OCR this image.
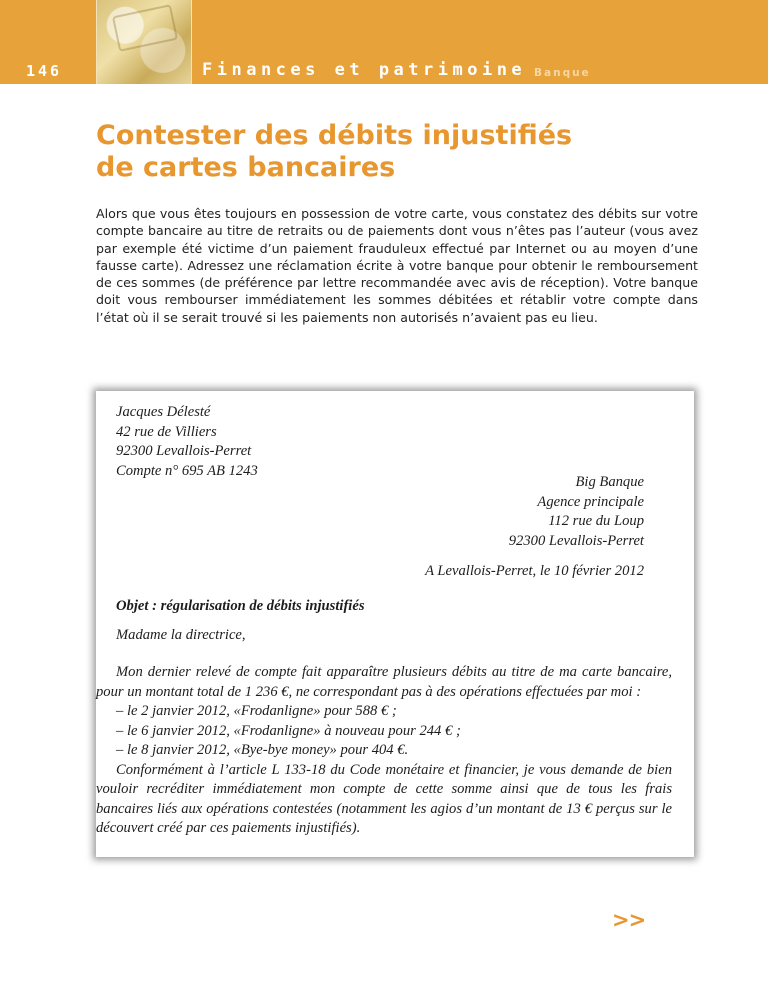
146	Finances et patrimoine Banque
Contester des débits injustifiés
de cartes bancaires

Alors que vous êtes toujours en possession de votre carte, vous constatez des débits sur votre compte bancaire au titre de retraits ou de paiements dont vous n’êtes pas l’auteur (vous avez par exemple été victime d’un paiement frauduleux effectué par Internet ou au moyen d’une fausse carte). Adressez une réclamation écrite à votre banque pour obtenir le remboursement de ces sommes (de préférence par lettre recommandée avec avis de réception). Votre banque doit vous rembourser immédiatement les sommes débitées et rétablir votre compte dans l’état où il se serait trouvé si les paiements non autorisés n’avaient pas eu lieu.

Jacques Délesté
42 rue de Villiers
92300 Levallois-Perret
Compte n° 695 AB 1243
Big Banque
Agence principale
112 rue du Loup
92300 Levallois-Perret
A Levallois-Perret, le 10 février 2012
Objet : régularisation de débits injustifiés
Madame la directrice,

Mon dernier relevé de compte fait apparaître plusieurs débits au titre de ma carte bancaire, pour un montant total de 1 236 €, ne correspondant pas à des opérations effectuées par moi :

– le 2 janvier 2012, «Frodanligne» pour 588 € ;

– le 6 janvier 2012, «Frodanligne» à nouveau pour 244 € ;

– le 8 janvier 2012, «Bye-bye money» pour 404 €.

Conformément à l’article L 133-18 du Code monétaire et financier, je vous demande de bien vouloir recréditer immédiatement mon compte de cette somme ainsi que de tous les frais bancaires liés aux opérations contestées (notamment les agios d’un montant de 13 € perçus sur le découvert créé par ces paiements injustifiés).

>>
